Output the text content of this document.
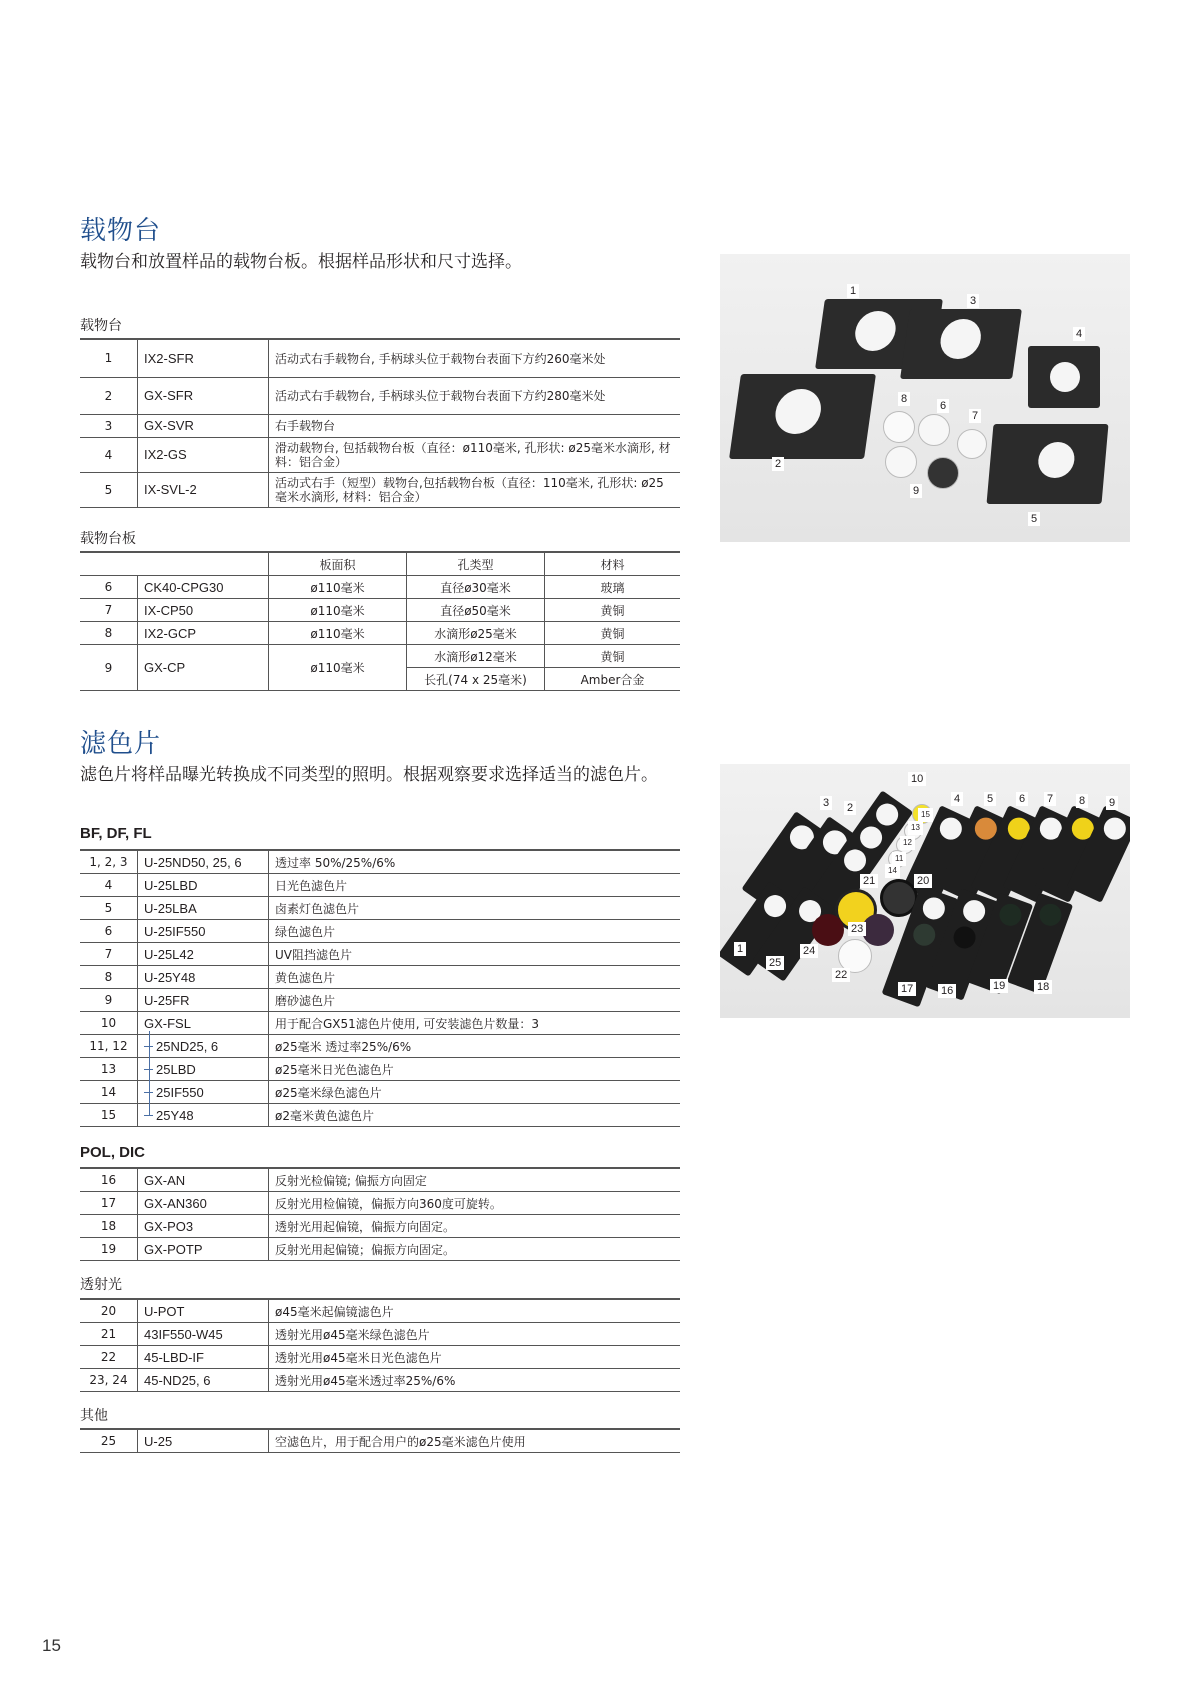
载物台
载物台和放置样品的载物台板。根据样品形状和尺寸选择。
载物台
1	IX2-SFR	活动式右手载物台, 手柄球头位于载物台表面下方约260毫米处
2	GX-SFR	活动式右手载物台, 手柄球头位于载物台表面下方约280毫米处
3	GX-SVR	右手载物台
4	IX2-GS	滑动载物台, 包括载物台板（直径：ø110毫米, 孔形状: ø25毫米水滴形, 材料：铝合金）
5	IX-SVL-2	活动式右手（短型）载物台,包括载物台板（直径：110毫米, 孔形状: ø25毫米水滴形, 材料：铝合金）
载物台板
		板面积	孔类型	材料
6	CK40-CPG30	ø110毫米	直径ø30毫米	玻璃
7	IX-CP50	ø110毫米	直径ø50毫米	黄铜
8	IX2-GCP	ø110毫米	水滴形ø25毫米	黄铜
9	GX-CP	ø110毫米	水滴形ø12毫米	黄铜
			长孔(74 x 25毫米)	Amber合金
1
2
3
4
5
6
7
8
9
滤色片
滤色片将样品曝光转换成不同类型的照明。根据观察要求选择适当的滤色片。
BF, DF, FL
1, 2, 3	U-25ND50, 25, 6	透过率 50%/25%/6%
4	U-25LBD	日光色滤色片
5	U-25LBA	卤素灯色滤色片
6	U-25IF550	绿色滤色片
7	U-25L42	UV阻挡滤色片
8	U-25Y48	黄色滤色片
9	U-25FR	磨砂滤色片
10	GX-FSL	用于配合GX51滤色片使用, 可安装滤色片数量：3
11, 12	25ND25, 6	ø25毫米 透过率25%/6%
13	25LBD	ø25毫米日光色滤色片
14	25IF550	ø25毫米绿色滤色片
15	25Y48	ø2毫米黄色滤色片
POL, DIC
16	GX-AN	反射光检偏镜; 偏振方向固定
17	GX-AN360	反射光用检偏镜，偏振方向360度可旋转。
18	GX-PO3	透射光用起偏镜，偏振方向固定。
19	GX-POTP	反射光用起偏镜；偏振方向固定。
透射光
20	U-POT	ø45毫米起偏镜滤色片
21	43IF550-W45	透射光用ø45毫米绿色滤色片
22	45-LBD-IF	透射光用ø45毫米日光色滤色片
23, 24	45-ND25, 6	透射光用ø45毫米透过率25%/6%
其他
25	U-25	空滤色片，用于配合用户的ø25毫米滤色片使用
1
2
3	4 5 6 7 8 9
10
11
12
13
14
15
16
17	18
19
20
21
22
23
24
25
15
